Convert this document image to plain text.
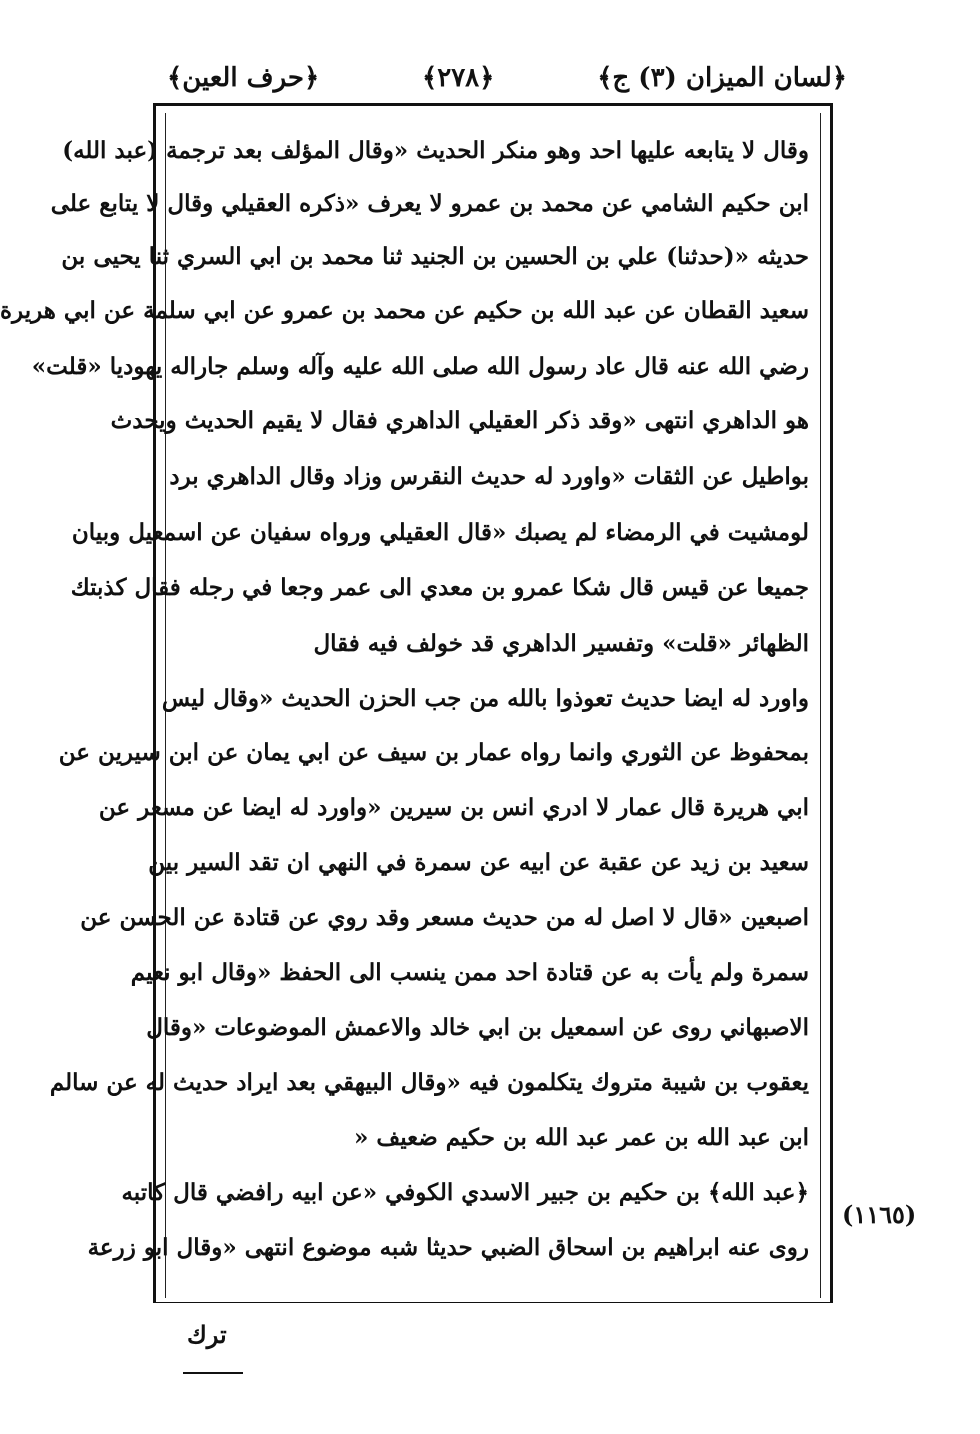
﴿لسان الميزان (٣) ج﴾
﴿٢٧٨﴾
﴿حرف العين﴾
وقال لا يتابعه عليها احد وهو منكر الحديث «وقال المؤلف بعد ترجمة (عبد الله)
ابن حكيم الشامي عن محمد بن عمرو لا يعرف «ذكره العقيلي وقال لا يتابع على
حديثه «(حدثنا) علي بن الحسين بن الجنيد ثنا محمد بن ابي السري ثنا يحيى بن
سعيد القطان عن عبد الله بن حكيم عن محمد بن عمرو عن ابي سلمة عن ابي هريرة
رضي الله عنه قال عاد رسول الله صلى الله عليه وآله وسلم جاراله يهوديا «قلت»
هو الداهري انتهى «وقد ذكر العقيلي الداهري فقال لا يقيم الحديث ويحدث
بواطيل عن الثقات «واورد له حديث النقرس وزاد وقال الداهري برد
لومشيت في الرمضاء لم يصبك «قال العقيلي ورواه سفيان عن اسمعيل وبيان
جميعا عن قيس قال شكا عمرو بن معدي الى عمر وجعا في رجله فقال كذبتك
الظهائر «قلت» وتفسير الداهري قد خولف فيه فقال
واورد له ايضا حديث تعوذوا بالله من جب الحزن الحديث «وقال ليس
بمحفوظ عن الثوري وانما رواه عمار بن سيف عن ابي يمان عن ابن سيرين عن
ابي هريرة قال عمار لا ادري انس بن سيرين «واورد له ايضا عن مسعر عن
سعيد بن زيد عن عقبة عن ابيه عن سمرة في النهي ان تقد السير بين
اصبعين «قال لا اصل له من حديث مسعر وقد روي عن قتادة عن الحسن عن
سمرة ولم يأت به عن قتادة احد ممن ينسب الى الحفظ «وقال ابو نعيم
الاصبهاني روى عن اسمعيل بن ابي خالد والاعمش الموضوعات «وقال
يعقوب بن شيبة متروك يتكلمون فيه «وقال البيهقي بعد ايراد حديث له عن سالم
ابن عبد الله بن عمر عبد الله بن حكيم ضعيف «
﴿عبد الله﴾ بن حكيم بن جبير الاسدي الكوفي «عن ابيه رافضي قال كاتبه
روى عنه ابراهيم بن اسحاق الضبي حديثا شبه موضوع انتهى «وقال ابو زرعة
(١١٦٥)
ترك
